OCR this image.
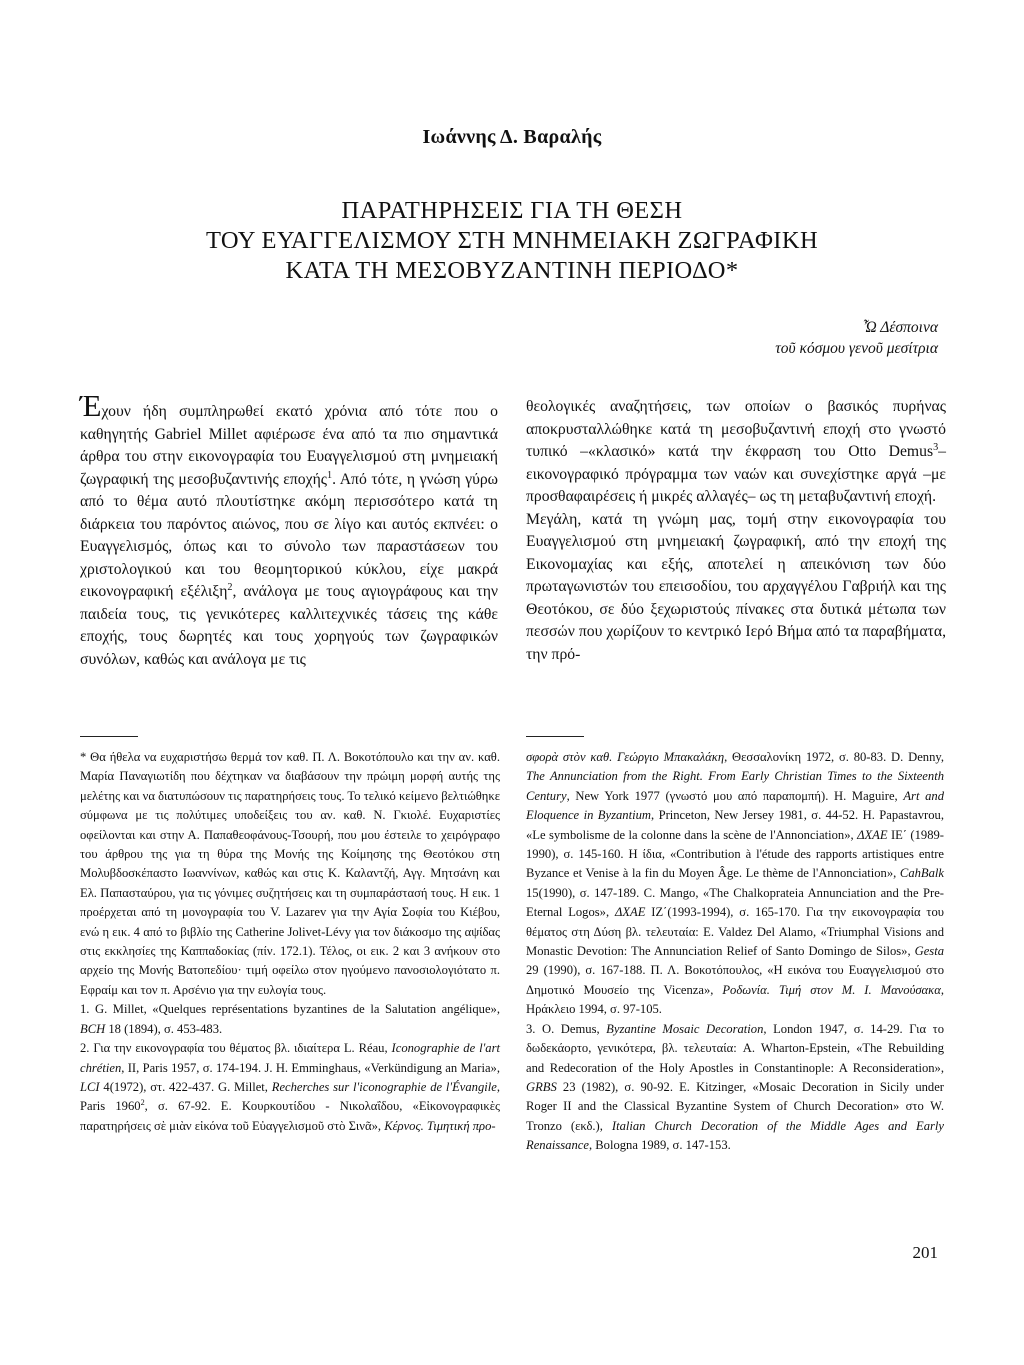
Ιωάννης Δ. Βαραλής
ΠΑΡΑΤΗΡΗΣΕΙΣ ΓΙΑ ΤΗ ΘΕΣΗ
ΤΟΥ ΕΥΑΓΓΕΛΙΣΜΟΥ ΣΤΗ ΜΝΗΜΕΙΑΚΗ ΖΩΓΡΑΦΙΚΗ
ΚΑΤΑ ΤΗ ΜΕΣΟΒΥΖΑΝΤΙΝΗ ΠΕΡΙΟΔΟ*
Ὦ Δέσποινα
τοῦ κόσμου γενοῦ μεσίτρια

Έχουν ήδη συμπληρωθεί εκατό χρόνια από τότε που ο καθηγητής Gabriel Millet αφιέρωσε ένα από τα πιο σημαντικά άρθρα του στην εικονογραφία του Ευαγγελισμού στη μνημειακή ζωγραφική της μεσοβυζαντινής εποχής$^1$. Από τότε, η γνώση γύρω από το θέμα αυτό πλουτίστηκε ακόμη περισσότερο κατά τη διάρκεια του παρόντος αιώνος, που σε λίγο και αυτός εκπνέει: ο Ευαγγελισμός, όπως και το σύνολο των παραστάσεων του χριστολογικού και του θεομητορικού κύκλου, είχε μακρά εικονογραφική εξέλιξη$^2$, ανάλογα με τους αγιογράφους και την παιδεία τους, τις γενικότερες καλλιτεχνικές τάσεις της κάθε εποχής, τους δωρητές και τους χορηγούς των ζωγραφικών συνόλων, καθώς και ανάλογα με τις

θεολογικές αναζητήσεις, των οποίων ο βασικός πυρήνας αποκρυσταλλώθηκε κατά τη μεσοβυζαντινή εποχή στο γνωστό τυπικό –«κλασικό» κατά την έκφραση του Otto Demus$^3$– εικονογραφικό πρόγραμμα των ναών και συνεχίστηκε αργά –με προσθαφαιρέσεις ή μικρές αλλαγές– ως τη μεταβυζαντινή εποχή.

Μεγάλη, κατά τη γνώμη μας, τομή στην εικονογραφία του Ευαγγελισμού στη μνημειακή ζωγραφική, από την εποχή της Εικονομαχίας και εξής, αποτελεί η απεικόνιση των δύο πρωταγωνιστών του επεισοδίου, του αρχαγγέλου Γαβριήλ και της Θεοτόκου, σε δύο ξεχωριστούς πίνακες στα δυτικά μέτωπα των πεσσών που χωρίζουν το κεντρικό Ιερό Βήμα από τα παραβήματα, την πρό-

* Θα ήθελα να ευχαριστήσω θερμά τον καθ. Π. Λ. Βοκοτόπουλο και την αν. καθ. Μαρία Παναγιωτίδη που δέχτηκαν να διαβάσουν την πρώιμη μορφή αυτής της μελέτης και να διατυπώσουν τις παρατηρήσεις τους. Το τελικό κείμενο βελτιώθηκε σύμφωνα με τις πολύτιμες υποδείξεις του αν. καθ. Ν. Γκιολέ. Ευχαριστίες οφείλονται και στην Α. Παπαθεοφάνους-Τσουρή, που μου έστειλε το χειρόγραφο του άρθρου της για τη θύρα της Μονής της Κοίμησης της Θεοτόκου στη Μολυβδοσκέπαστο Ιωαννίνων, καθώς και στις Κ. Καλαντζή, Αγγ. Μητσάνη και Ελ. Παπασταύρου, για τις γόνιμες συζητήσεις και τη συμπαράστασή τους. Η εικ. 1 προέρχεται από τη μονογραφία του V. Lazarev για την Αγία Σοφία του Κιέβου, ενώ η εικ. 4 από το βιβλίο της Catherine Jolivet-Lévy για τον διάκοσμο της αψίδας στις εκκλησίες της Καππαδοκίας (πίν. 172.1). Τέλος, οι εικ. 2 και 3 ανήκουν στο αρχείο της Μονής Βατοπεδίου· τιμή οφείλω στον ηγούμενο πανοσιολογιότατο π. Εφραίμ και τον π. Αρσένιο για την ευλογία τους.

1. G. Millet, «Quelques représentations byzantines de la Salutation angélique», BCH 18 (1894), σ. 453-483.

2. Για την εικονογραφία του θέματος βλ. ιδιαίτερα L. Réau, Iconographie de l'art chrétien, II, Paris 1957, σ. 174-194. J. H. Emminghaus, «Verkündigung an Maria», LCI 4(1972), στ. 422-437. G. Millet, Recherches sur l'iconographie de l'Évangile, Paris 1960$^2$, σ. 67-92. Ε. Κουρκουτίδου - Νικολαΐδου, «Εἰκονογραφικὲς παρατηρήσεις σὲ μιὰν εἰκόνα τοῦ Εὐαγγελισμοῦ στὸ Σινᾶ», Κέρνος. Τιμητική προ-

σφορὰ στὸν καθ. Γεώργιο Μπακαλάκη, Θεσσαλονίκη 1972, σ. 80-83. D. Denny, The Annunciation from the Right. From Early Christian Times to the Sixteenth Century, New York 1977 (γνωστό μου από παραπομπή). H. Maguire, Art and Eloquence in Byzantium, Princeton, New Jersey 1981, σ. 44-52. H. Papastavrou, «Le symbolisme de la colonne dans la scène de l'Annonciation», ΔΧΑΕ ΙΕ΄ (1989-1990), σ. 145-160. Η ίδια, «Contribution à l'étude des rapports artistiques entre Byzance et Venise à la fin du Moyen Âge. Le thème de l'Annonciation», CahBalk 15(1990), σ. 147-189. C. Mango, «The Chalkoprateia Annunciation and the Pre-Eternal Logos», ΔΧΑΕ ΙΖ΄(1993-1994), σ. 165-170. Για την εικονογραφία του θέματος στη Δύση βλ. τελευταία: E. Valdez Del Alamo, «Triumphal Visions and Monastic Devotion: The Annunciation Relief of Santo Domingo de Silos», Gesta 29 (1990), σ. 167-188. Π. Λ. Βοκοτόπουλος, «Η εικόνα του Ευαγγελισμού στο Δημοτικό Μουσείο της Vicenza», Ροδωνία. Τιμή στον Μ. Ι. Μανούσακα, Ηράκλειο 1994, σ. 97-105.

3. O. Demus, Byzantine Mosaic Decoration, London 1947, σ. 14-29. Για το δωδεκάορτο, γενικότερα, βλ. τελευταία: A. Wharton-Epstein, «The Rebuilding and Redecoration of the Holy Apostles in Constantinople: A Reconsideration», GRBS 23 (1982), σ. 90-92. E. Kitzinger, «Mosaic Decoration in Sicily under Roger II and the Classical Byzantine System of Church Decoration» στο W. Tronzo (εκδ.), Italian Church Decoration of the Middle Ages and Early Renaissance, Bologna 1989, σ. 147-153.

201
